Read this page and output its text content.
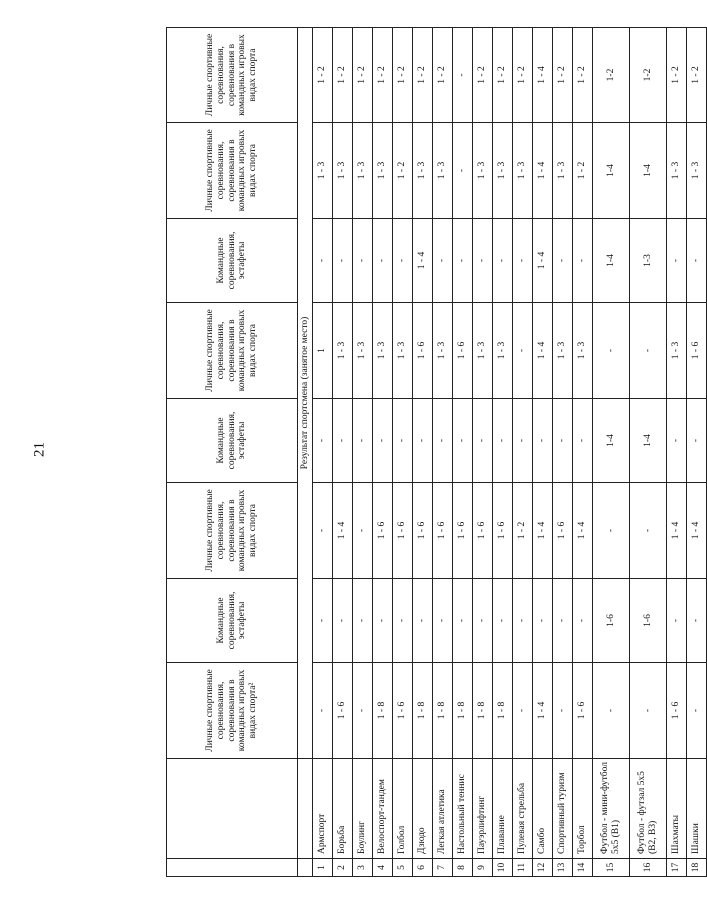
21
		Личные спортивные соревнования, соревнования в командных игровых видах спорта²	Командные соревнования, эстафеты	Личные спортивные соревнования, соревнования в командных игровых видах спорта	Командные соревнования, эстафеты	Личные спортивные соревнования, соревнования в командных игровых видах спорта	Командные соревнования, эстафеты	Личные спортивные соревнования, соревнования в командных игровых видах спорта	Личные спортивные соревнования, соревнования в командных игровых видах спорта
		Результат спортсмена (занятое место)							
1	Армспорт	-	-	-	-	1	-	1 - 3	1 - 2
2	Борьба	1 - 6	-	1 - 4	-	1 - 3	-	1 - 3	1 - 2
3	Боулинг	-	-	-	-	1 - 3	-	1 - 3	1 - 2
4	Велоспорт-тандем	1 - 8	-	1 - 6	-	1 - 3	-	1 - 3	1 - 2
5	Голбол	1 - 6	-	1 - 6	-	1 - 3	-	1 - 2	1 - 2
6	Дзюдо	1 - 8	-	1 - 6	-	1 - 6	1 - 4	1 - 3	1 - 2
7	Легкая атлетика	1 - 8	-	1 - 6	-	1 - 3	-	1 - 3	1 - 2
8	Настольный теннис	1 - 8	-	1 - 6	-	1 - 6	-	-	-
9	Пауэрлифтинг	1 - 8	-	1 - 6	-	1 - 3	-	1 - 3	1 - 2
10	Плавание	1 - 8	-	1 - 6	-	1 - 3	-	1 - 3	1 - 2
11	Пулевая стрельба	-	-	1 - 2	-	-	-	1 - 3	1 - 2
12	Самбо	1 - 4	-	1 - 4	-	1 - 4	1 - 4	1 - 4	1 - 4
13	Спортивный туризм	-	-	1 - 6	-	1 - 3	-	1 - 3	1 - 2
14	Торбол	1 - 6	-	1 - 4	-	1 - 3	-	1 - 2	1 - 2
15	Футбол - мини-футбол 5x5 (В1)	-	1-6	-	1-4	-	1-4	1-4	1-2
16	Футбол - футзал 5x5 (В2, В3)	-	1-6	-	1-4	-	1-3	1-4	1-2
17	Шахматы	1 - 6	-	1 - 4	-	1 - 3	-	1 - 3	1 - 2
18	Шашки	-	-	1 - 4	-	1 - 6	-	1 - 3	1 - 2
